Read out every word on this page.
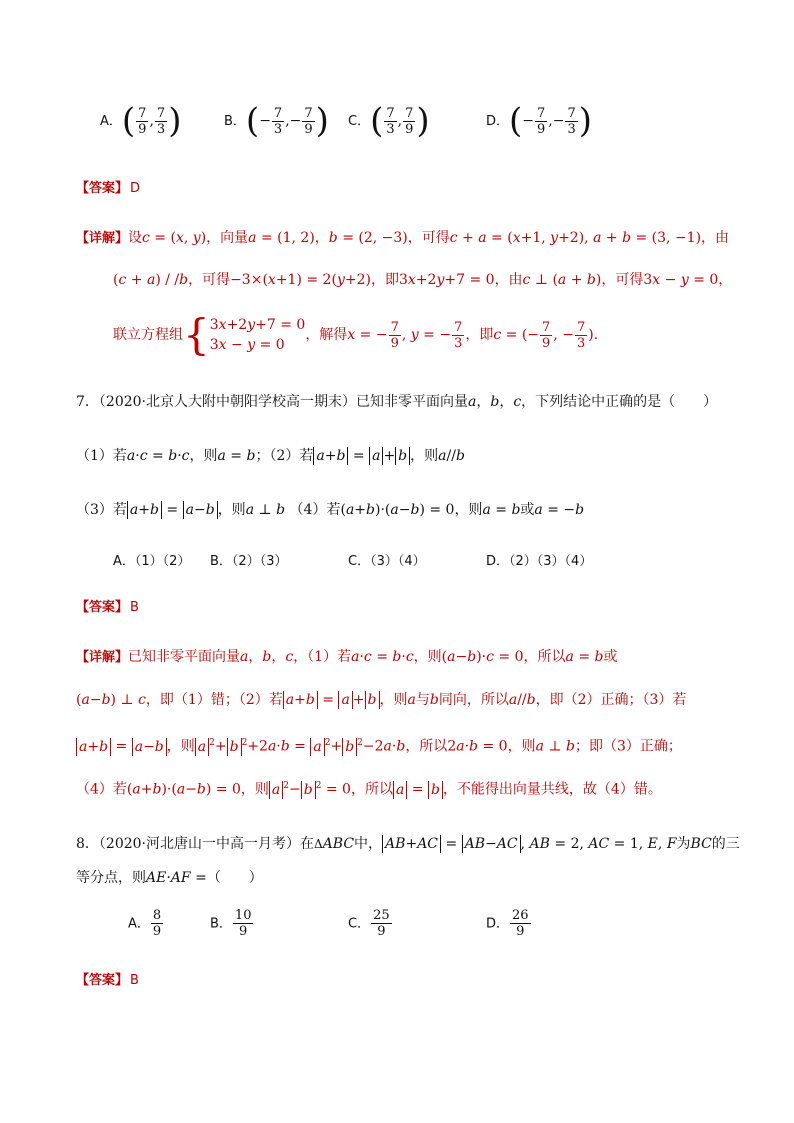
A．( $\frac{7}{9}$ , $\frac{7}{3}$ )	B．(− $\frac{7}{3}$ ,− $\frac{7}{9}$ ) C．( $\frac{7}{3}$ , $\frac{7}{9}$ )	D．(− $\frac{7}{9}$ ,− $\frac{7}{3}$ )
【答案】 D
【详解】设c = (x, y)，向量a = (1, 2)，b = (2, −3)，可得c + a = (x+1, y+2), a + b = (3, −1)，由
(c + a) / /b，可得−3×(x+1) = 2(y+2)，即3x+2y+7 = 0，由c ⊥ (a + b)，可得3x − y = 0，
联立方程组{ 3x+2y+7 = 0
3x − y = 0
，解得x = − $\frac{7}{9}$ , y = − $\frac{7}{3}$ ，即c = (− $\frac{7}{9}$ , − $\frac{7}{3}$ )．
7．（2020·北京人大附中朝阳学校高一期末）已知非零平面向量a，b，c，下列结论中正确的是（　　）
（1）若a·c = b·c，则a = b；（2）若 a+b = a + b ，则a//b
（3）若 a+b = a−b ，则a ⊥ b （4）若(a+b)·(a−b) = 0，则a = b或a = −b
A．（1）（2） B．（2）（3）	C．（3）（4）	D．（2）（3）（4）
【答案】 B
【详解】已知非零平面向量a，b，c，（1）若a·c = b·c，则(a−b)·c = 0，所以a = b或
(a−b) ⊥ c，即（1）错；（2）若 a+b = a + b ，则a与b同向，所以a//b，即（2）正确；（3）若
a+b = a−b ，则 a $^2$+ b $^2$+2a·b = a $^2$+ b $^2$−2a·b，所以2a·b = 0，则a ⊥ b；即（3）正确；
（4）若(a+b)·(a−b) = 0，则 a $^2$− b $^2$ = 0，所以 a = b ，不能得出向量共线，故（4）错。
8．（2020·河北唐山一中高一月考）在ΔABC中， AB+AC = AB−AC , AB = 2, AC = 1, E, F为BC的三
等分点，则AE·AF =（　　）
A． $\frac{8}{9}$	B． $\frac{10}{9}$	C． $\frac{25}{9}$	D． $\frac{26}{9}$
【答案】 B
